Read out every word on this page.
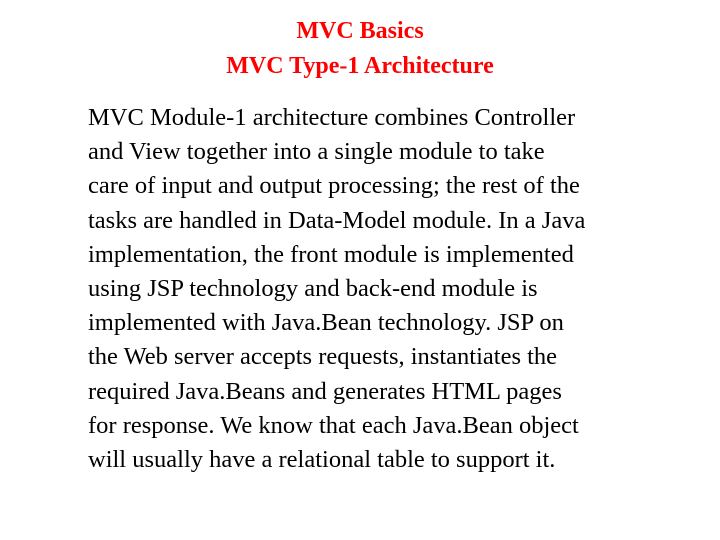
MVC Basics
MVC Type-1 Architecture
MVC Module-1 architecture combines Controller
and View together into a single module to take
care of input and output processing; the rest of the
tasks are handled in Data-Model module. In a Java
implementation, the front module is implemented
using JSP technology and back-end module is
implemented with Java.Bean technology. JSP on
the Web server accepts requests, instantiates the
required Java.Beans and generates HTML pages
for response. We know that each Java.Bean object
will usually have a relational table to support it.
